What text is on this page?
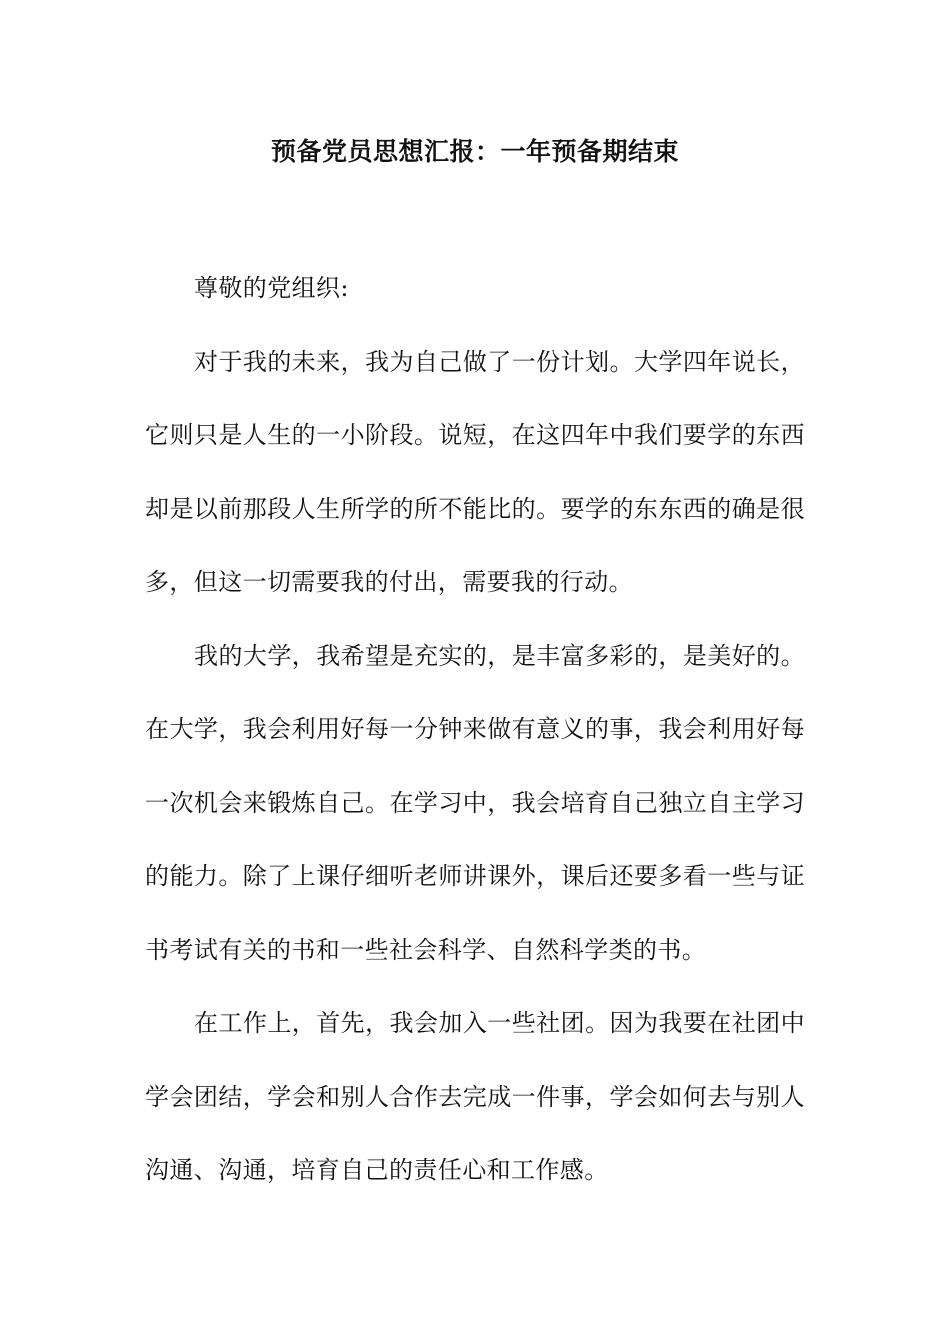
预备党员思想汇报：一年预备期结束

尊敬的党组织:

对于我的未来，我为自己做了一份计划。大学四年说长，它则只是人生的一小阶段。说短，在这四年中我们要学的东西却是以前那段人生所学的所不能比的。要学的东东西的确是很多，但这一切需要我的付出，需要我的行动。

我的大学，我希望是充实的，是丰富多彩的，是美好的。在大学，我会利用好每一分钟来做有意义的事，我会利用好每一次机会来锻炼自己。在学习中，我会培育自己独立自主学习的能力。除了上课仔细听老师讲课外，课后还要多看一些与证书考试有关的书和一些社会科学、自然科学类的书。

在工作上，首先，我会加入一些社团。因为我要在社团中学会团结，学会和别人合作去完成一件事，学会如何去与别人沟通、沟通，培育自己的责任心和工作感。
